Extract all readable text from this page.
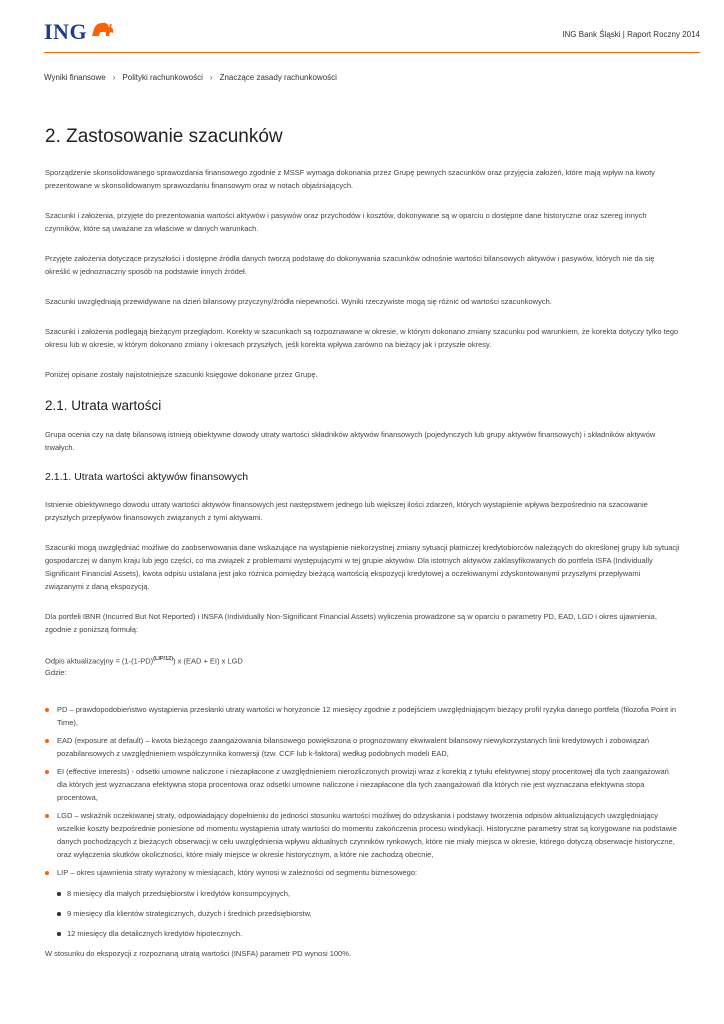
ING	ING Bank Śląski | Raport Roczny 2014
Wyniki finansowe › Polityki rachunkowości › Znaczące zasady rachunkowości
2. Zastosowanie szacunków

Sporządzenie skonsolidowanego sprawozdania finansowego zgodnie z MSSF wymaga dokonania przez Grupę pewnych szacunków oraz przyjęcia założeń, które mają wpływ na kwoty prezentowane w skonsolidowanym sprawozdaniu finansowym oraz w notach objaśniających.

Szacunki i założenia, przyjęte do prezentowania wartości aktywów i pasywów oraz przychodów i kosztów, dokonywane są w oparciu o dostępne dane historyczne oraz szereg innych czynników, które są uważane za właściwe w danych warunkach.

Przyjęte założenia dotyczące przyszłości i dostępne źródła danych tworzą podstawę do dokonywania szacunków odnośnie wartości bilansowych aktywów i pasywów, których nie da się określić w jednoznaczny sposób na podstawie innych źródeł.

Szacunki uwzględniają przewidywane na dzień bilansowy przyczyny/źródła niepewności. Wyniki rzeczywiste mogą się różnić od wartości szacunkowych.

Szacunki i założenia podlegają bieżącym przeglądom. Korekty w szacunkach są rozpoznawane w okresie, w którym dokonano zmiany szacunku pod warunkiem, że korekta dotyczy tylko tego okresu lub w okresie, w którym dokonano zmiany i okresach przyszłych, jeśli korekta wpływa zarówno na bieżący jak i przyszłe okresy.

Poniżej opisane zostały najistotniejsze szacunki księgowe dokonane przez Grupę.

2.1. Utrata wartości

Grupa ocenia czy na datę bilansową istnieją obiektywne dowody utraty wartości składników aktywów finansowych (pojedynczych lub grupy aktywów finansowych) i składników aktywów trwałych.

2.1.1. Utrata wartości aktywów finansowych

Istnienie obiektywnego dowodu utraty wartości aktywów finansowych jest następstwem jednego lub większej ilości zdarzeń, których wystąpienie wpływa bezpośrednio na szacowanie przyszłych przepływów finansowych związanych z tymi aktywami.

Szacunki mogą uwzględniać możliwe do zaobserwowania dane wskazujące na wystąpienie niekorzystnej zmiany sytuacji płatniczej kredytobiorców należących do określonej grupy lub sytuacji gospodarczej w danym kraju lub jego części, co ma związek z problemami występującymi w tej grupie aktywów. Dla istotnych aktywów zaklasyfikowanych do portfela ISFA (Individually Significant Financial Assets), kwota odpisu ustalana jest jako różnica pomiędzy bieżącą wartością ekspozycji kredytowej a oczekiwanymi zdyskontowanymi przyszłymi przepływami związanymi z daną ekspozycją.

Dla portfeli IBNR (Incurred But Not Reported) i INSFA (Individually Non-Significant Financial Assets) wyliczenia prowadzone są w oparciu o parametry PD, EAD, LGD i okres ujawnienia, zgodnie z poniższą formułą:

Odpis aktualizacyjny = $(1-(1-PD)^{(LIP/12)})$ x (EAD + EI) x LGD
Gdzie:
PD – prawdopodobieństwo wystąpienia przesłanki utraty wartości w horyzoncie 12 miesięcy zgodnie z podejściem uwzględniającym bieżący profil ryzyka danego portfela (filozofia Point in Time),
EAD (exposure at default) – kwota bieżącego zaangażowania bilansowego powiększona o prognozowany ekwiwalent bilansowy niewykorzystanych linii kredytowych i zobowiązań pozabilansowych z uwzględnieniem współczynnika konwersji (tzw. CCF lub k-faktora) według podobnych modeli EAD,
EI (effective interests) - odsetki umowne naliczone i niezapłacone z uwzględnieniem nierozliczonych prowizji wraz z korektą z tytułu efektywnej stopy procentowej dla tych zaangażowań dla których jest wyznaczana efektywna stopa procentowa oraz odsetki umowne naliczone i niezapłacone dla tych zaangażowań dla których nie jest wyznaczana efektywna stopa procentowa,
LGD – wskaźnik oczekiwanej straty, odpowiadający dopełnieniu do jedności stosunku wartości możliwej do odzyskania i podstawy tworzenia odpisów aktualizujących uwzględniający wszelkie koszty bezpośrednie poniesione od momentu wystąpienia utraty wartości do momentu zakończenia procesu windykacji. Historyczne parametry strat są korygowane na podstawie danych pochodzących z bieżących obserwacji w celu uwzględnienia wpływu aktualnych czynników rynkowych, które nie miały miejsca w okresie, którego dotyczą obserwacje historyczne, oraz wyłączenia skutków okoliczności, które miały miejsce w okresie historycznym, a które nie zachodzą obecnie,
LIP – okres ujawnienia straty wyrażony w miesiącach, który wynosi w zależności od segmentu biznesowego:
8 miesięcy dla małych przedsiębiorstw i kredytów konsumpcyjnych,
9 miesięcy dla klientów strategicznych, dużych i średnich przedsiębiorstw,
12 miesięcy dla detalicznych kredytów hipotecznych.

W stosunku do ekspozycji z rozpoznaną utratą wartości (INSFA) parametr PD wynosi 100%.
